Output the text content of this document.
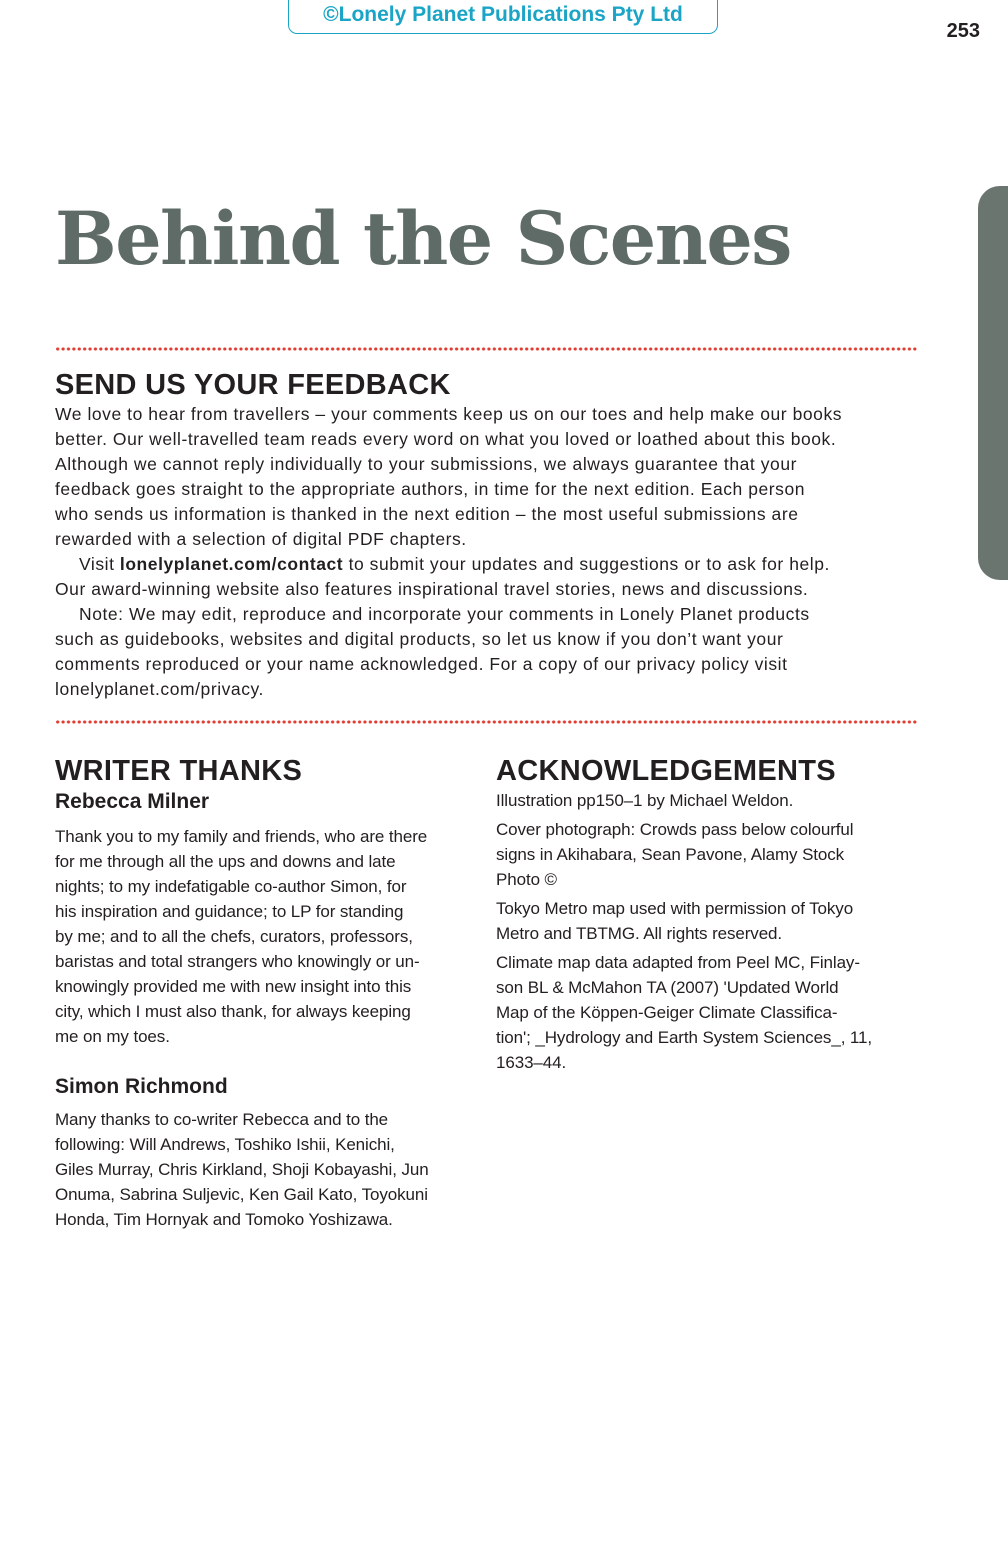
©Lonely Planet Publications Pty Ltd
253
Behind the Scenes
SEND US YOUR FEEDBACK

We love to hear from travellers – your comments keep us on our toes and help make our books

better. Our well-travelled team reads every word on what you loved or loathed about this book.

Although we cannot reply individually to your submissions, we always guarantee that your

feedback goes straight to the appropriate authors, in time for the next edition. Each person

who sends us information is thanked in the next edition – the most useful submissions are

rewarded with a selection of digital PDF chapters.

Visit lonelyplanet.com/contact to submit your updates and suggestions or to ask for help.

Our award-winning website also features inspirational travel stories, news and discussions.

Note: We may edit, reproduce and incorporate your comments in Lonely Planet products

such as guidebooks, websites and digital products, so let us know if you don’t want your

comments reproduced or your name acknowledged. For a copy of our privacy policy visit

lonelyplanet.com/privacy.

WRITER THANKS
Rebecca Milner

Thank you to my family and friends, who are there

for me through all the ups and downs and late

nights; to my indefatigable co-author Simon, for

his inspiration and guidance; to LP for standing

by me; and to all the chefs, curators, professors,

baristas and total strangers who knowingly or un-

knowingly provided me with new insight into this

city, which I must also thank, for always keeping

me on my toes.

Simon Richmond

Many thanks to co-writer Rebecca and to the

following: Will Andrews, Toshiko Ishii, Kenichi,

Giles Murray, Chris Kirkland, Shoji Kobayashi, Jun

Onuma, Sabrina Suljevic, Ken Gail Kato, Toyokuni

Honda, Tim Hornyak and Tomoko Yoshizawa.

ACKNOWLEDGEMENTS

Illustration pp150–1 by Michael Weldon.

Cover photograph: Crowds pass below colourful

signs in Akihabara, Sean Pavone, Alamy Stock

Photo ©

Tokyo Metro map used with permission of Tokyo

Metro and TBTMG. All rights reserved.

Climate map data adapted from Peel MC, Finlay-

son BL & McMahon TA (2007) 'Updated World

Map of the Köppen-Geiger Climate Classifica-

tion'; _Hydrology and Earth System Sciences_, 11,

1633–44.
